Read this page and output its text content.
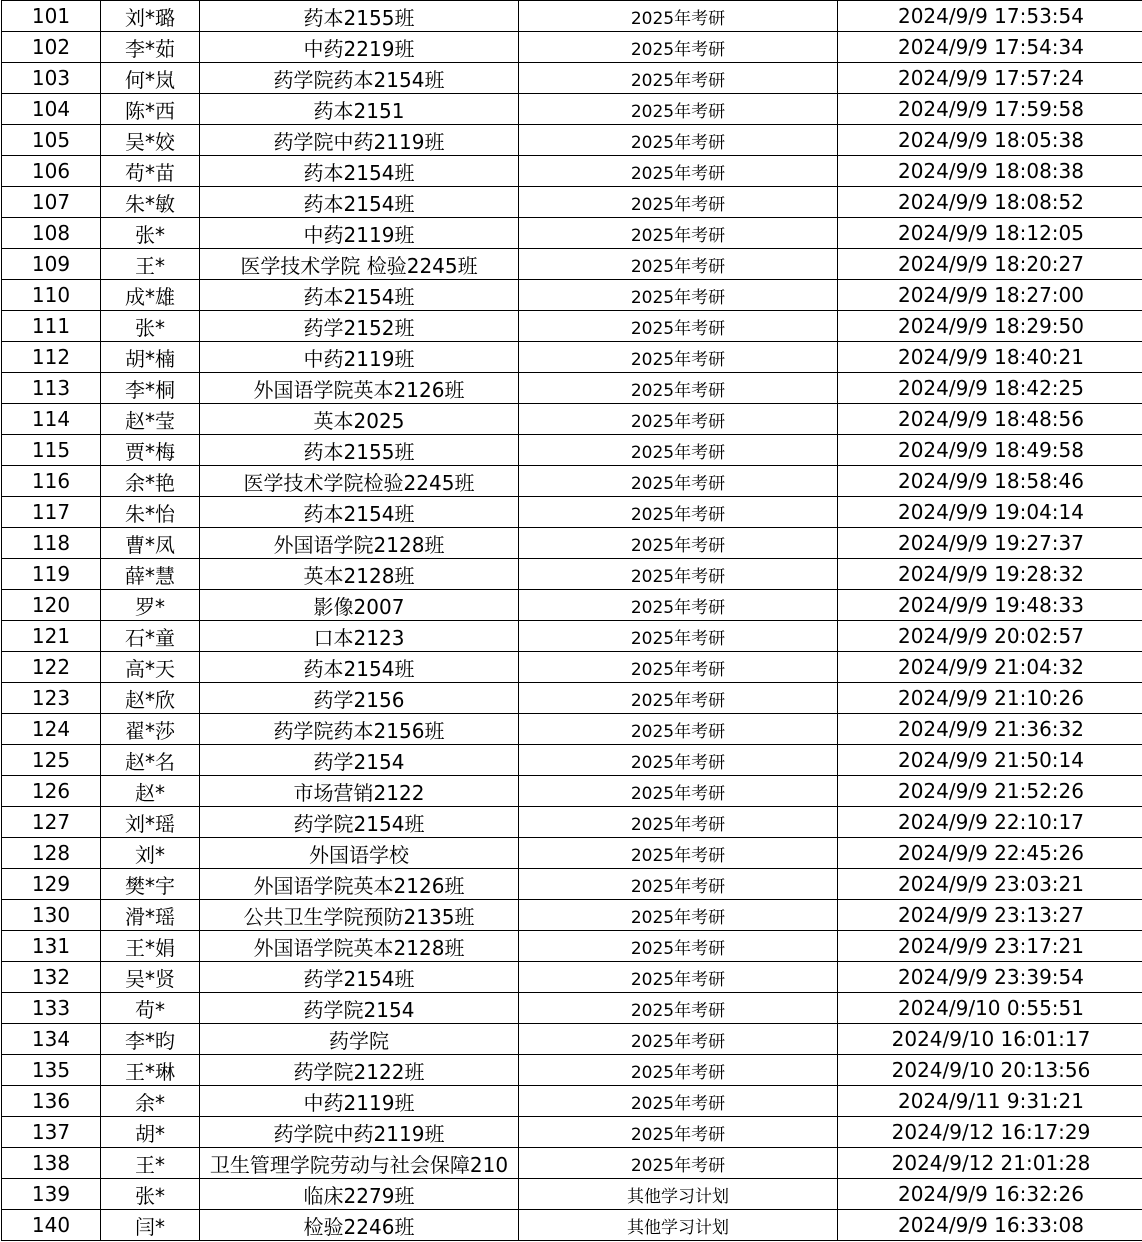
101	刘*璐	药本2155班	2025年考研	2024/9/9 17:53:54
102	李*茹	中药2219班	2025年考研	2024/9/9 17:54:34
103	何*岚	药学院药本2154班	2025年考研	2024/9/9 17:57:24
104	陈*西	药本2151	2025年考研	2024/9/9 17:59:58
105	吴*姣	药学院中药2119班	2025年考研	2024/9/9 18:05:38
106	苟*苗	药本2154班	2025年考研	2024/9/9 18:08:38
107	朱*敏	药本2154班	2025年考研	2024/9/9 18:08:52
108	张*	中药2119班	2025年考研	2024/9/9 18:12:05
109	王*	医学技术学院 检验2245班	2025年考研	2024/9/9 18:20:27
110	成*雄	药本2154班	2025年考研	2024/9/9 18:27:00
111	张*	药学2152班	2025年考研	2024/9/9 18:29:50
112	胡*楠	中药2119班	2025年考研	2024/9/9 18:40:21
113	李*桐	外国语学院英本2126班	2025年考研	2024/9/9 18:42:25
114	赵*莹	英本2025	2025年考研	2024/9/9 18:48:56
115	贾*梅	药本2155班	2025年考研	2024/9/9 18:49:58
116	余*艳	医学技术学院检验2245班	2025年考研	2024/9/9 18:58:46
117	朱*怡	药本2154班	2025年考研	2024/9/9 19:04:14
118	曹*凤	外国语学院2128班	2025年考研	2024/9/9 19:27:37
119	薛*慧	英本2128班	2025年考研	2024/9/9 19:28:32
120	罗*	影像2007	2025年考研	2024/9/9 19:48:33
121	石*童	口本2123	2025年考研	2024/9/9 20:02:57
122	高*天	药本2154班	2025年考研	2024/9/9 21:04:32
123	赵*欣	药学2156	2025年考研	2024/9/9 21:10:26
124	翟*莎	药学院药本2156班	2025年考研	2024/9/9 21:36:32
125	赵*名	药学2154	2025年考研	2024/9/9 21:50:14
126	赵*	市场营销2122	2025年考研	2024/9/9 21:52:26
127	刘*瑶	药学院2154班	2025年考研	2024/9/9 22:10:17
128	刘*	外国语学校	2025年考研	2024/9/9 22:45:26
129	樊*宇	外国语学院英本2126班	2025年考研	2024/9/9 23:03:21
130	滑*瑶	公共卫生学院预防2135班	2025年考研	2024/9/9 23:13:27
131	王*娟	外国语学院英本2128班	2025年考研	2024/9/9 23:17:21
132	吴*贤	药学2154班	2025年考研	2024/9/9 23:39:54
133	苟*	药学院2154	2025年考研	2024/9/10 0:55:51
134	李*昀	药学院	2025年考研	2024/9/10 16:01:17
135	王*琳	药学院2122班	2025年考研	2024/9/10 20:13:56
136	余*	中药2119班	2025年考研	2024/9/11 9:31:21
137	胡*	药学院中药2119班	2025年考研	2024/9/12 16:17:29
138	王*	卫生管理学院劳动与社会保障210	2025年考研	2024/9/12 21:01:28
139	张*	临床2279班	其他学习计划	2024/9/9 16:32:26
140	闫*	检验2246班	其他学习计划	2024/9/9 16:33:08
